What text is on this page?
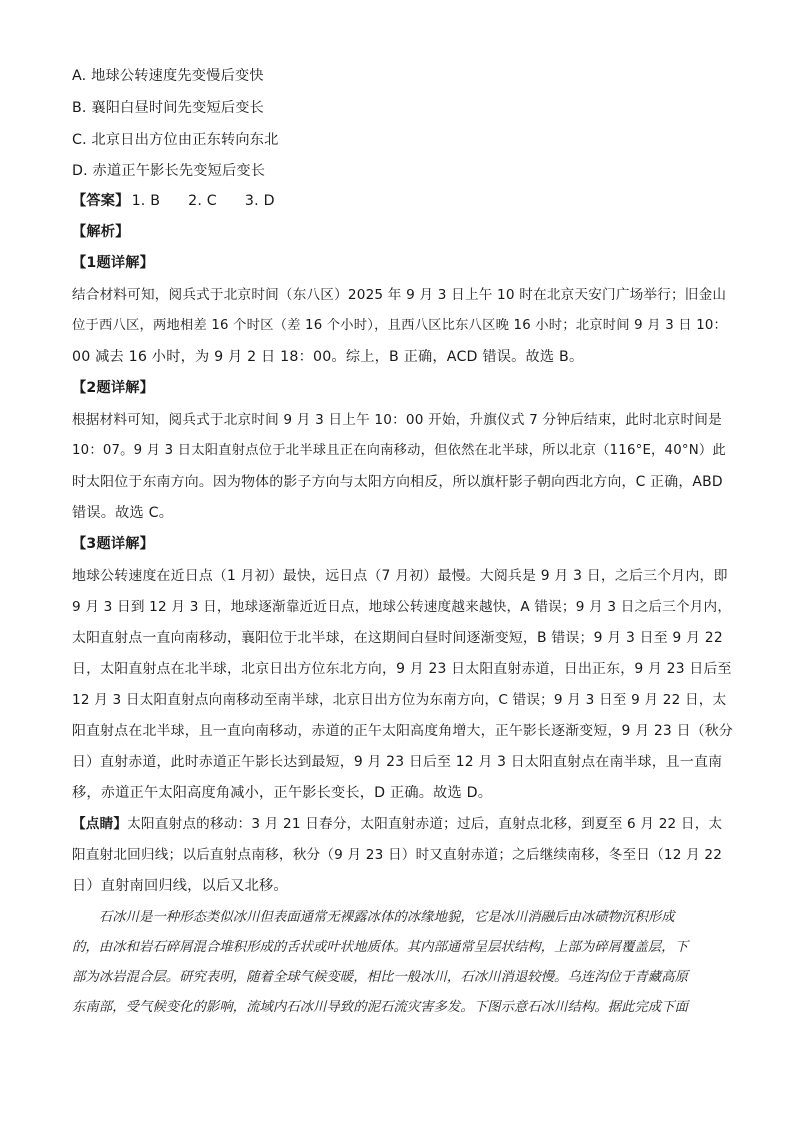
A. 地球公转速度先变慢后变快
B. 襄阳白昼时间先变短后变长
C. 北京日出方位由正东转向东北
D. 赤道正午影长先变短后变长
【答案】 1. B 2. C 3. D
【解析】
【1题详解】
结合材料可知，阅兵式于北京时间（东八区）2025 年 9 月 3 日上午 10 时在北京天安门广场举行；旧金山
位于西八区，两地相差 16 个时区（差 16 个小时），且西八区比东八区晚 16 小时；北京时间 9 月 3 日 10：
00 减去 16 小时，为 9 月 2 日 18：00。综上，B 正确，ACD 错误。故选 B。
【2题详解】
根据材料可知，阅兵式于北京时间 9 月 3 日上午 10：00 开始，升旗仪式 7 分钟后结束，此时北京时间是
10：07。9 月 3 日太阳直射点位于北半球且正在向南移动，但依然在北半球，所以北京（116°E，40°N）此
时太阳位于东南方向。因为物体的影子方向与太阳方向相反，所以旗杆影子朝向西北方向，C 正确，ABD
错误。故选 C。
【3题详解】
地球公转速度在近日点（1 月初）最快，远日点（7 月初）最慢。大阅兵是 9 月 3 日，之后三个月内，即
9 月 3 日到 12 月 3 日，地球逐渐靠近近日点，地球公转速度越来越快，A 错误；9 月 3 日之后三个月内，
太阳直射点一直向南移动，襄阳位于北半球，在这期间白昼时间逐渐变短，B 错误；9 月 3 日至 9 月 22
日，太阳直射点在北半球，北京日出方位东北方向，9 月 23 日太阳直射赤道，日出正东，9 月 23 日后至
12 月 3 日太阳直射点向南移动至南半球，北京日出方位为东南方向，C 错误；9 月 3 日至 9 月 22 日，太
阳直射点在北半球，且一直向南移动，赤道的正午太阳高度角增大，正午影长逐渐变短，9 月 23 日（秋分
日）直射赤道，此时赤道正午影长达到最短，9 月 23 日后至 12 月 3 日太阳直射点在南半球，且一直南
移，赤道正午太阳高度角减小，正午影长变长，D 正确。故选 D。
【点睛】太阳直射点的移动：3 月 21 日春分，太阳直射赤道；过后，直射点北移，到夏至 6 月 22 日，太
阳直射北回归线；以后直射点南移，秋分（9 月 23 日）时又直射赤道；之后继续南移，冬至日（12 月 22
日）直射南回归线，以后又北移。
　　石冰川是一种形态类似冰川但表面通常无裸露冰体的冰缘地貌，它是冰川消融后由冰碛物沉积形成
的，由冰和岩石碎屑混合堆积形成的舌状或叶状地质体。其内部通常呈层状结构，上部为碎屑覆盖层，下
部为冰岩混合层。研究表明，随着全球气候变暖，相比一般冰川，石冰川消退较慢。乌连沟位于青藏高原
东南部，受气候变化的影响，流域内石冰川导致的泥石流灾害多发。下图示意石冰川结构。据此完成下面
